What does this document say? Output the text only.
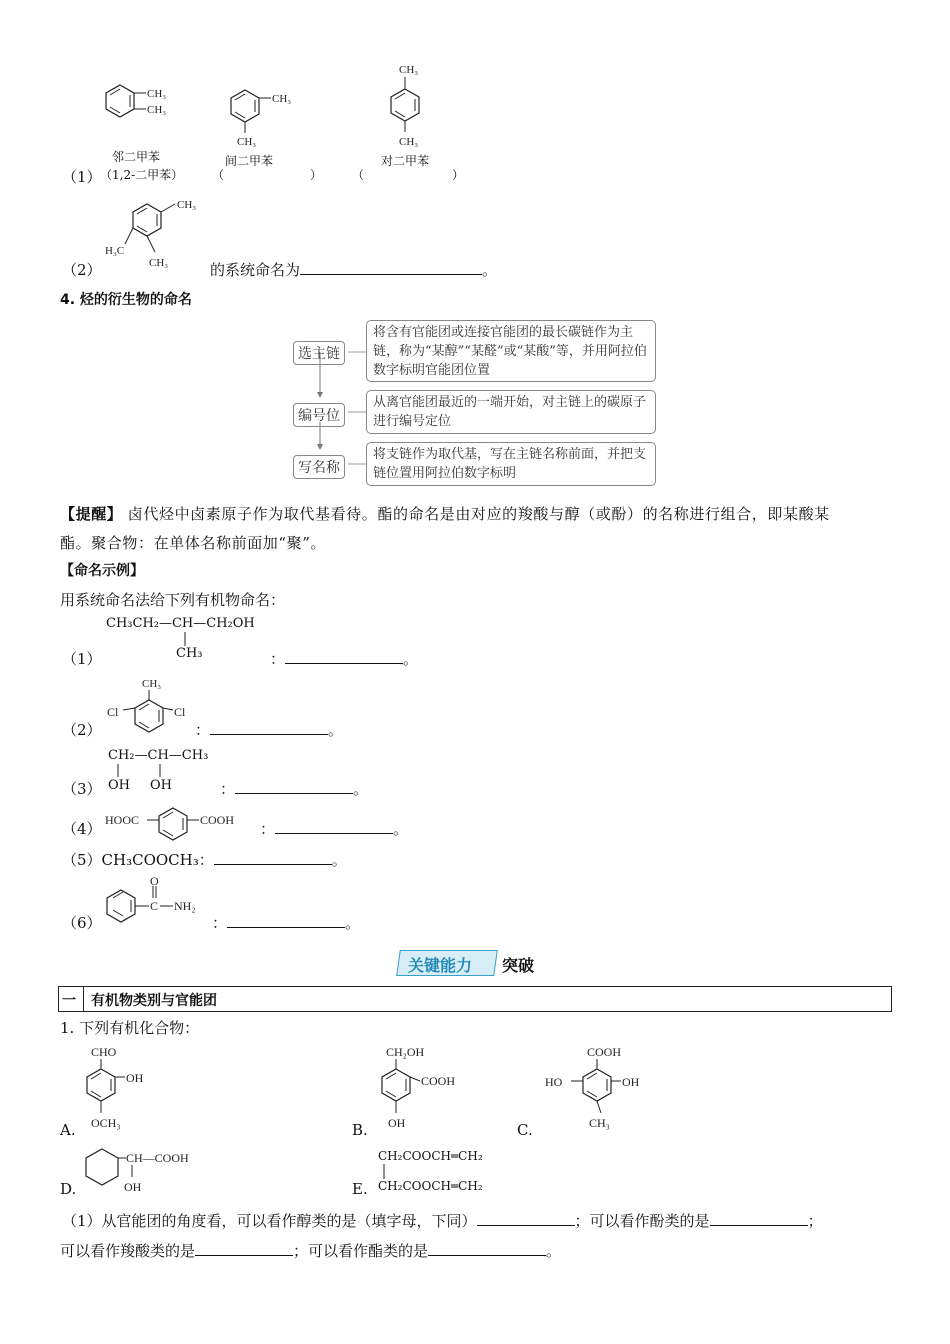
CH₃
CH₃
邻二甲苯
（1）
（1,2-二甲苯）
CH₃
CH₃
间二甲苯
（	）
CH₃
CH₃
对二甲苯
（	）
CH₃
H₃C
CH₃
（2）	的系统命名为	。
4. 烃的衍生物的命名
选主链
将含有官能团或连接官能团的最长碳链作为主链，称为“某醇”“某醛”或“某酸”等，并用阿拉伯数字标明官能团位置
编号位
从离官能团最近的一端开始，对主链上的碳原子进行编号定位
写名称
将支链作为取代基，写在主链名称前面，并把支链位置用阿拉伯数字标明
【提醒】 卤代烃中卤素原子作为取代基看待。酯的命名是由对应的羧酸与醇（或酚）的名称进行组合，即某酸某
酯。聚合物：在单体名称前面加“聚”。
【命名示例】
用系统命名法给下列有机物命名：
CH₃CH₂—CH—CH₂OH
CH₃
（1）	：	。
CH₃
Cl	Cl
（2）	：	。
CH₂—CH—CH₃
OH OH
（3）	：	。
HOOC	COOH
（4）	：	。
（5）CH₃COOCH₃：	。
C
O
NH₂
（6）	：	。
关键能力 突破
一 有机物类别与官能团
1. 下列有机化合物：
CHO
OH
OCH₃
A.
CH₂OH
COOH
OH
B.
COOH
HO	OH
CH₃
C.
CH—COOH
OH
D.
CH₂COOCH═CH₂
CH₂COOCH═CH₂
E.
（1）从官能团的角度看，可以看作醇类的是（填字母，下同）	；可以看作酚类的是	；
可以看作羧酸类的是	；可以看作酯类的是	。
